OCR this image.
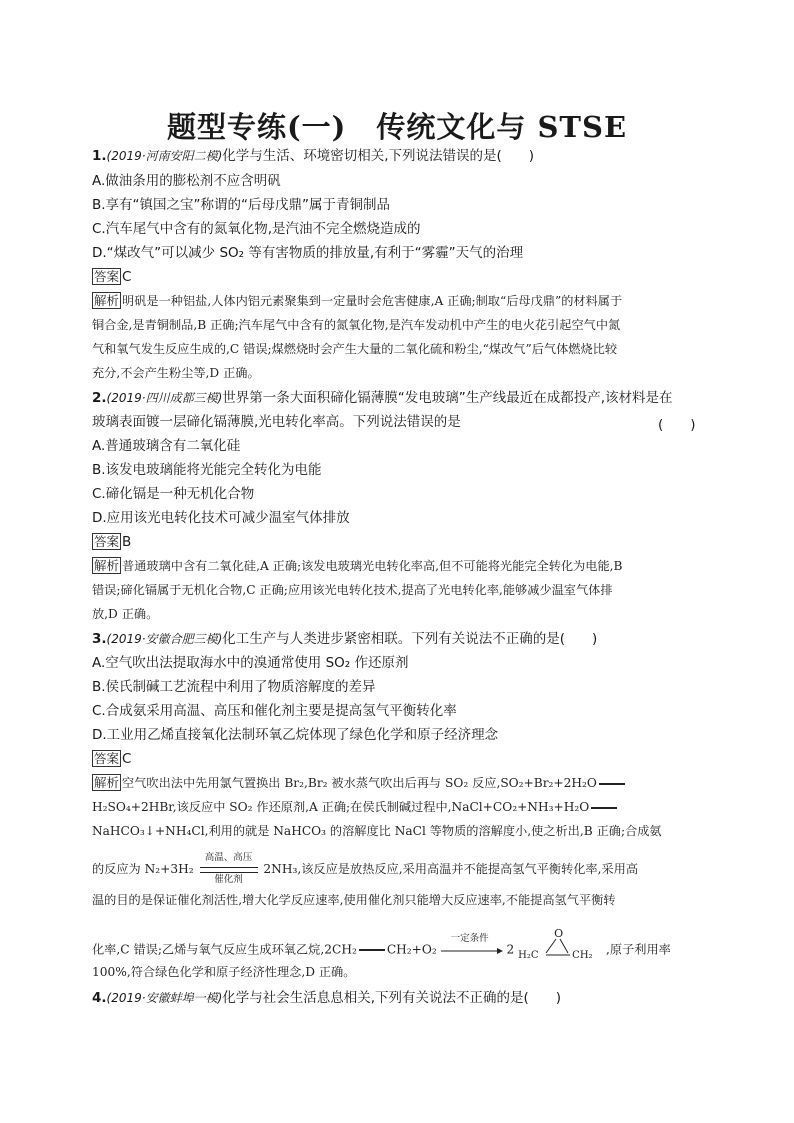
题型专练(一)　传统文化与 STSE
1.(2019·河南安阳二模)化学与生活、环境密切相关,下列说法错误的是(　　)
A.做油条用的膨松剂不应含明矾
B.享有“镇国之宝”称谓的“后母戊鼎”属于青铜制品
C.汽车尾气中含有的氮氧化物,是汽油不完全燃烧造成的
D.“煤改气”可以减少 SO₂ 等有害物质的排放量,有利于“雾霾”天气的治理
答案 C
解析 明矾是一种铝盐,人体内铝元素聚集到一定量时会危害健康,A 正确;制取“后母戊鼎”的材料属于
铜合金,是青铜制品,B 正确;汽车尾气中含有的氮氧化物,是汽车发动机中产生的电火花引起空气中氮
气和氧气发生反应生成的,C 错误;煤燃烧时会产生大量的二氧化硫和粉尘,“煤改气”后气体燃烧比较
充分,不会产生粉尘等,D 正确。
2.(2019·四川成都三模)世界第一条大面积碲化镉薄膜“发电玻璃”生产线最近在成都投产,该材料是在
玻璃表面镀一层碲化镉薄膜,光电转化率高。下列说法错误的是	(　　)
A.普通玻璃含有二氧化硅
B.该发电玻璃能将光能完全转化为电能
C.碲化镉是一种无机化合物
D.应用该光电转化技术可减少温室气体排放
答案 B
解析 普通玻璃中含有二氧化硅,A 正确;该发电玻璃光电转化率高,但不可能将光能完全转化为电能,B
错误;碲化镉属于无机化合物,C 正确;应用该光电转化技术,提高了光电转化率,能够减少温室气体排
放,D 正确。
3.(2019·安徽合肥三模)化工生产与人类进步紧密相联。下列有关说法不正确的是(　　)
A.空气吹出法提取海水中的溴通常使用 SO₂ 作还原剂
B.侯氏制碱工艺流程中利用了物质溶解度的差异
C.合成氨采用高温、高压和催化剂主要是提高氢气平衡转化率
D.工业用乙烯直接氧化法制环氧乙烷体现了绿色化学和原子经济理念
答案 C
解析 空气吹出法中先用氯气置换出 Br₂,Br₂ 被水蒸气吹出后再与 SO₂ 反应,SO₂+Br₂+2H₂O
H₂SO₄+2HBr,该反应中 SO₂ 作还原剂,A 正确;在侯氏制碱过程中,NaCl+CO₂+NH₃+H₂O
NaHCO₃↓+NH₄Cl,利用的就是 NaHCO₃ 的溶解度比 NaCl 等物质的溶解度小,使之析出,B 正确;合成氨
的反应为 N₂+3H₂
高温、高压
催化剂
2NH₃,该反应是放热反应,采用高温并不能提高氢气平衡转化率,采用高
温的目的是保证催化剂活性,增大化学反应速率,使用催化剂只能增大反应速率,不能提高氢气平衡转
化率,C 错误;乙烯与氧气反应生成环氧乙烷,2CH₂ CH₂+O₂
一定条件
2
O
H₂C	CH₂ ,原子利用率
100%,符合绿色化学和原子经济性理念,D 正确。
4.(2019·安徽蚌埠一模)化学与社会生活息息相关,下列有关说法不正确的是(　　)
